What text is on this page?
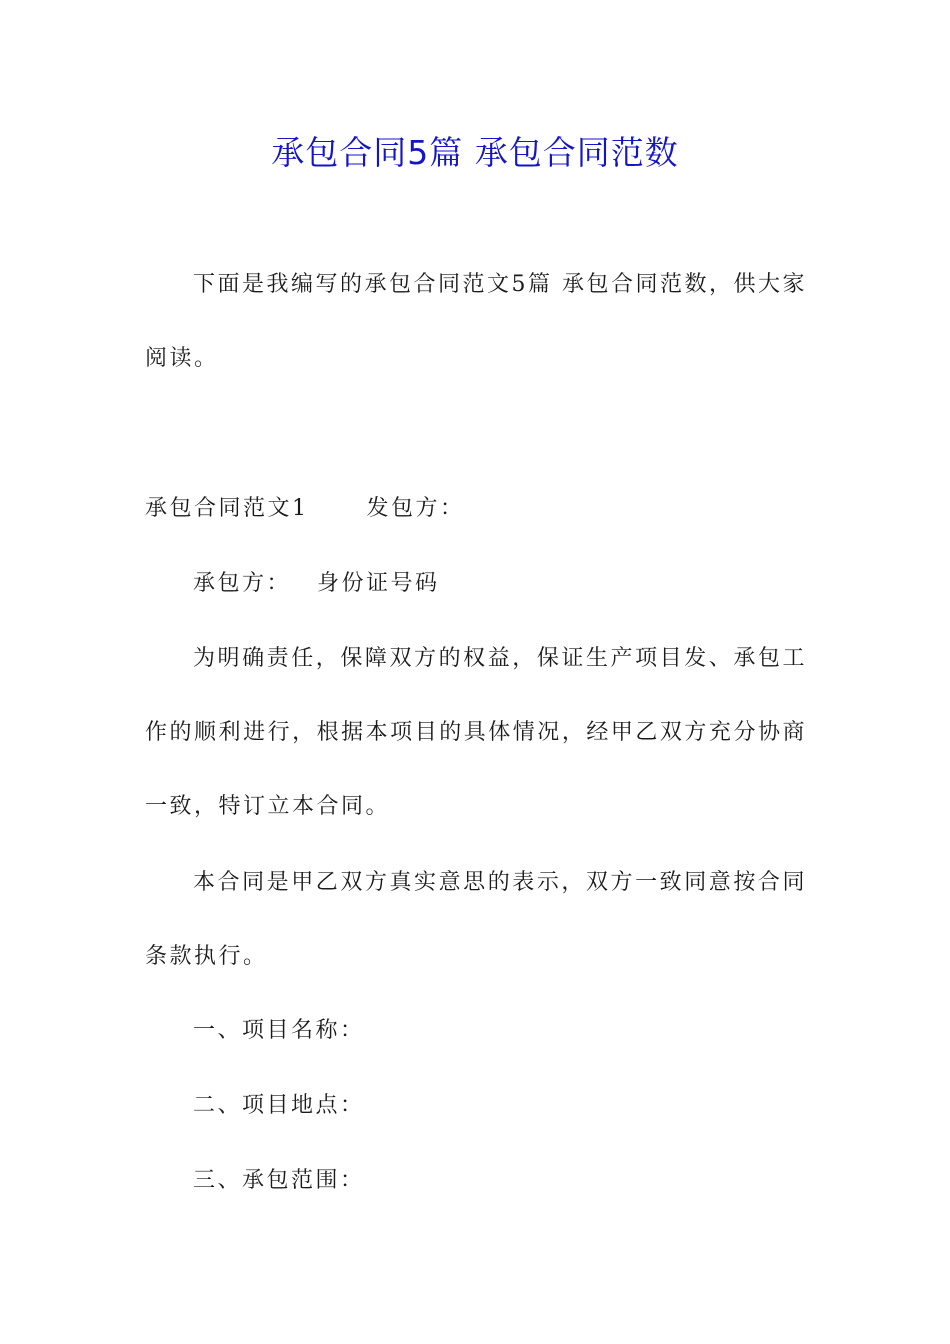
承包合同5篇 承包合同范数

下面是我编写的承包合同范文5篇 承包合同范数，供大家阅读。

承包合同范文1	发包方：
承包方： 身份证号码

为明确责任，保障双方的权益，保证生产项目发、承包工作的顺利进行，根据本项目的具体情况，经甲乙双方充分协商一致，特订立本合同。

本合同是甲乙双方真实意思的表示，双方一致同意按合同条款执行。

一、项目名称：
二、项目地点：
三、承包范围：
